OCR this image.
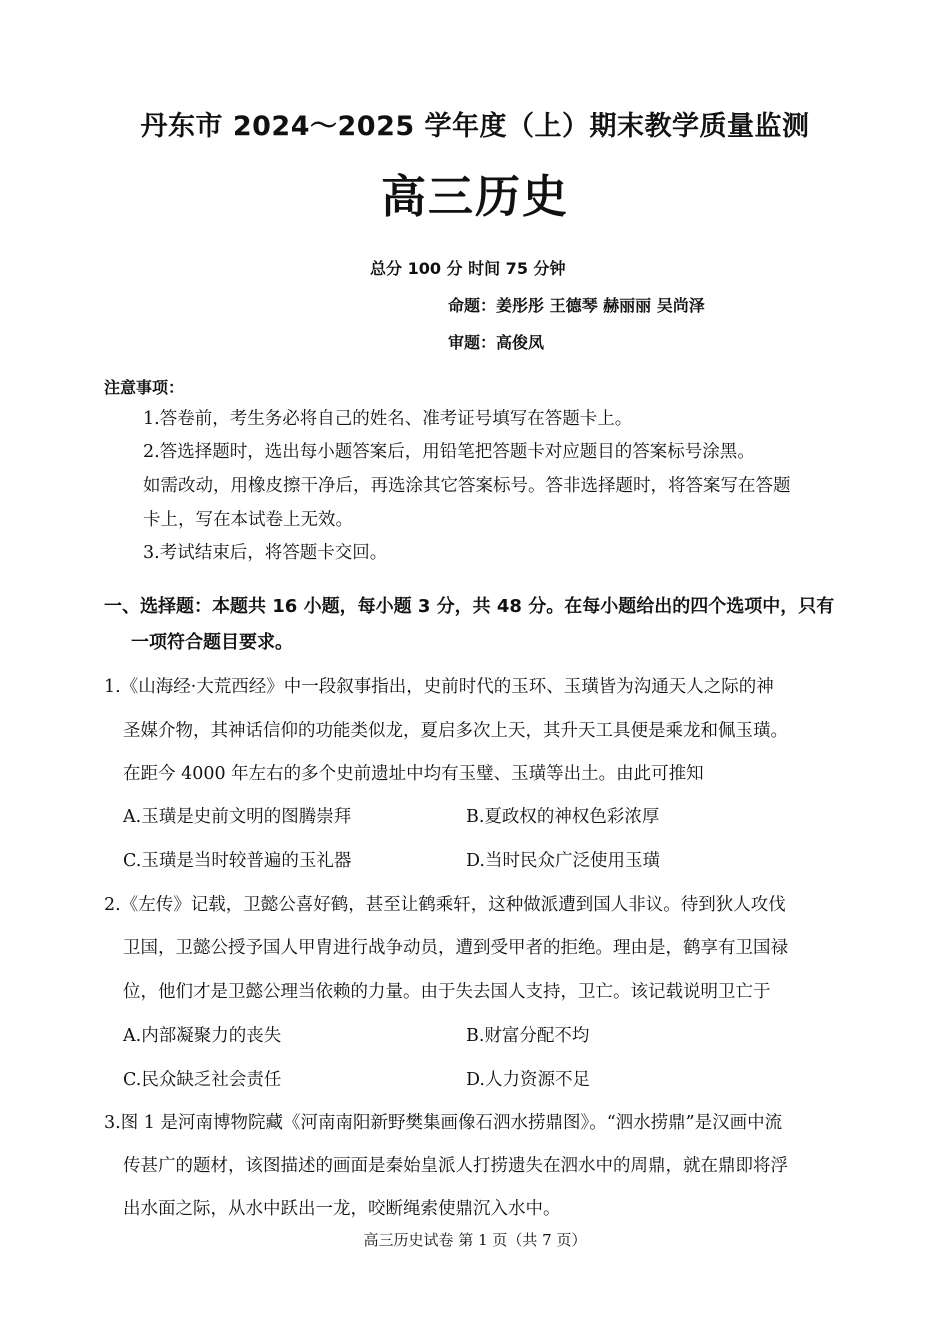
丹东市 2024～2025 学年度（上）期末教学质量监测
高三历史
总分 100 分 时间 75 分钟
命题：姜彤彤 王德琴 赫丽丽 吴尚泽
审题：高俊凤
注意事项：
1.答卷前，考生务必将自己的姓名、准考证号填写在答题卡上。
2.答选择题时，选出每小题答案后，用铅笔把答题卡对应题目的答案标号涂黑。
如需改动，用橡皮擦干净后，再选涂其它答案标号。答非选择题时，将答案写在答题
卡上，写在本试卷上无效。
3.考试结束后，将答题卡交回。
一、选择题：本题共 16 小题，每小题 3 分，共 48 分。在每小题给出的四个选项中，只有
一项符合题目要求。
1.《山海经·大荒西经》中一段叙事指出，史前时代的玉环、玉璜皆为沟通天人之际的神
圣媒介物，其神话信仰的功能类似龙，夏启多次上天，其升天工具便是乘龙和佩玉璜。
在距今 4000 年左右的多个史前遗址中均有玉璧、玉璜等出土。由此可推知
A.玉璜是史前文明的图腾崇拜	B.夏政权的神权色彩浓厚
C.玉璜是当时较普遍的玉礼器	D.当时民众广泛使用玉璜
2.《左传》记载，卫懿公喜好鹤，甚至让鹤乘轩，这种做派遭到国人非议。待到狄人攻伐
卫国，卫懿公授予国人甲胄进行战争动员，遭到受甲者的拒绝。理由是，鹤享有卫国禄
位，他们才是卫懿公理当依赖的力量。由于失去国人支持，卫亡。该记载说明卫亡于
A.内部凝聚力的丧失	B.财富分配不均
C.民众缺乏社会责任	D.人力资源不足
3.图 1 是河南博物院藏《河南南阳新野樊集画像石泗水捞鼎图》。“泗水捞鼎”是汉画中流
传甚广的题材，该图描述的画面是秦始皇派人打捞遗失在泗水中的周鼎，就在鼎即将浮
出水面之际，从水中跃出一龙，咬断绳索使鼎沉入水中。
高三历史试卷 第 1 页（共 7 页）
